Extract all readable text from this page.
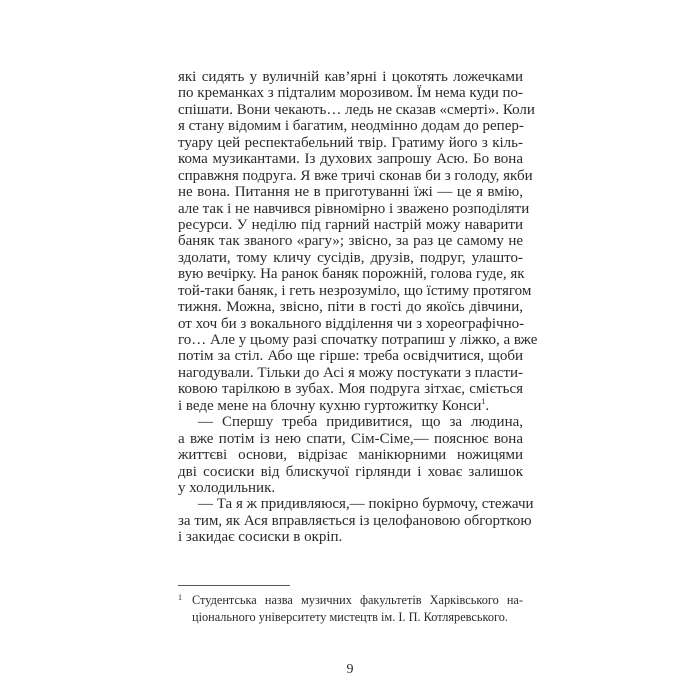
які сидять у вуличній кав’ярні і цокотять ложечками
по креманках з підталим морозивом. Їм нема куди по-
спішати. Вони чекають… ледь не сказав «смерті». Коли
я стану відомим і багатим, неодмінно додам до репер-
туару цей респектабельний твір. Гратиму його з кіль-
кома музикантами. Із духових запрошу Асю. Бо вона
справжня подруга. Я вже тричі сконав би з голоду, якби
не вона. Питання не в приготуванні їжі — це я вмію,
але так і не навчився рівномірно і зважено розподіляти
ресурси. У неділю під гарний настрій можу наварити
баняк так званого «рагу»; звісно, за раз це самому не
здолати, тому кличу сусідів, друзів, подруг, улашто-
вую вечірку. На ранок баняк порожній, голова гуде, як
той-таки баняк, і геть незрозуміло, що їстиму протягом
тижня. Можна, звісно, піти в гості до якоїсь дівчини,
от хоч би з вокального відділення чи з хореографічно-
го… Але у цьому разі спочатку потрапиш у ліжко, а вже
потім за стіл. Або ще гірше: треба освідчитися, щоби
нагодували. Тільки до Асі я можу постукати з пласти-
ковою тарілкою в зубах. Моя подруга зітхає, сміється
і веде мене на блочну кухню гуртожитку Конси$^1$.
— Спершу треба придивитися, що за людина,
а вже потім із нею спати, Сім-Сіме,— пояснює вона
життєві основи, відрізає манікюрними ножицями
дві сосиски від блискучої гірлянди і ховає залишок
у холодильник.
— Та я ж придивляюся,— покірно бурмочу, стежачи
за тим, як Ася вправляється із целофановою обгорткою
і закидає сосиски в окріп.
1 Студентська назва музичних факультетів Харківського на-
ціонального університету мистецтв ім. І. П. Котляревського.
9
